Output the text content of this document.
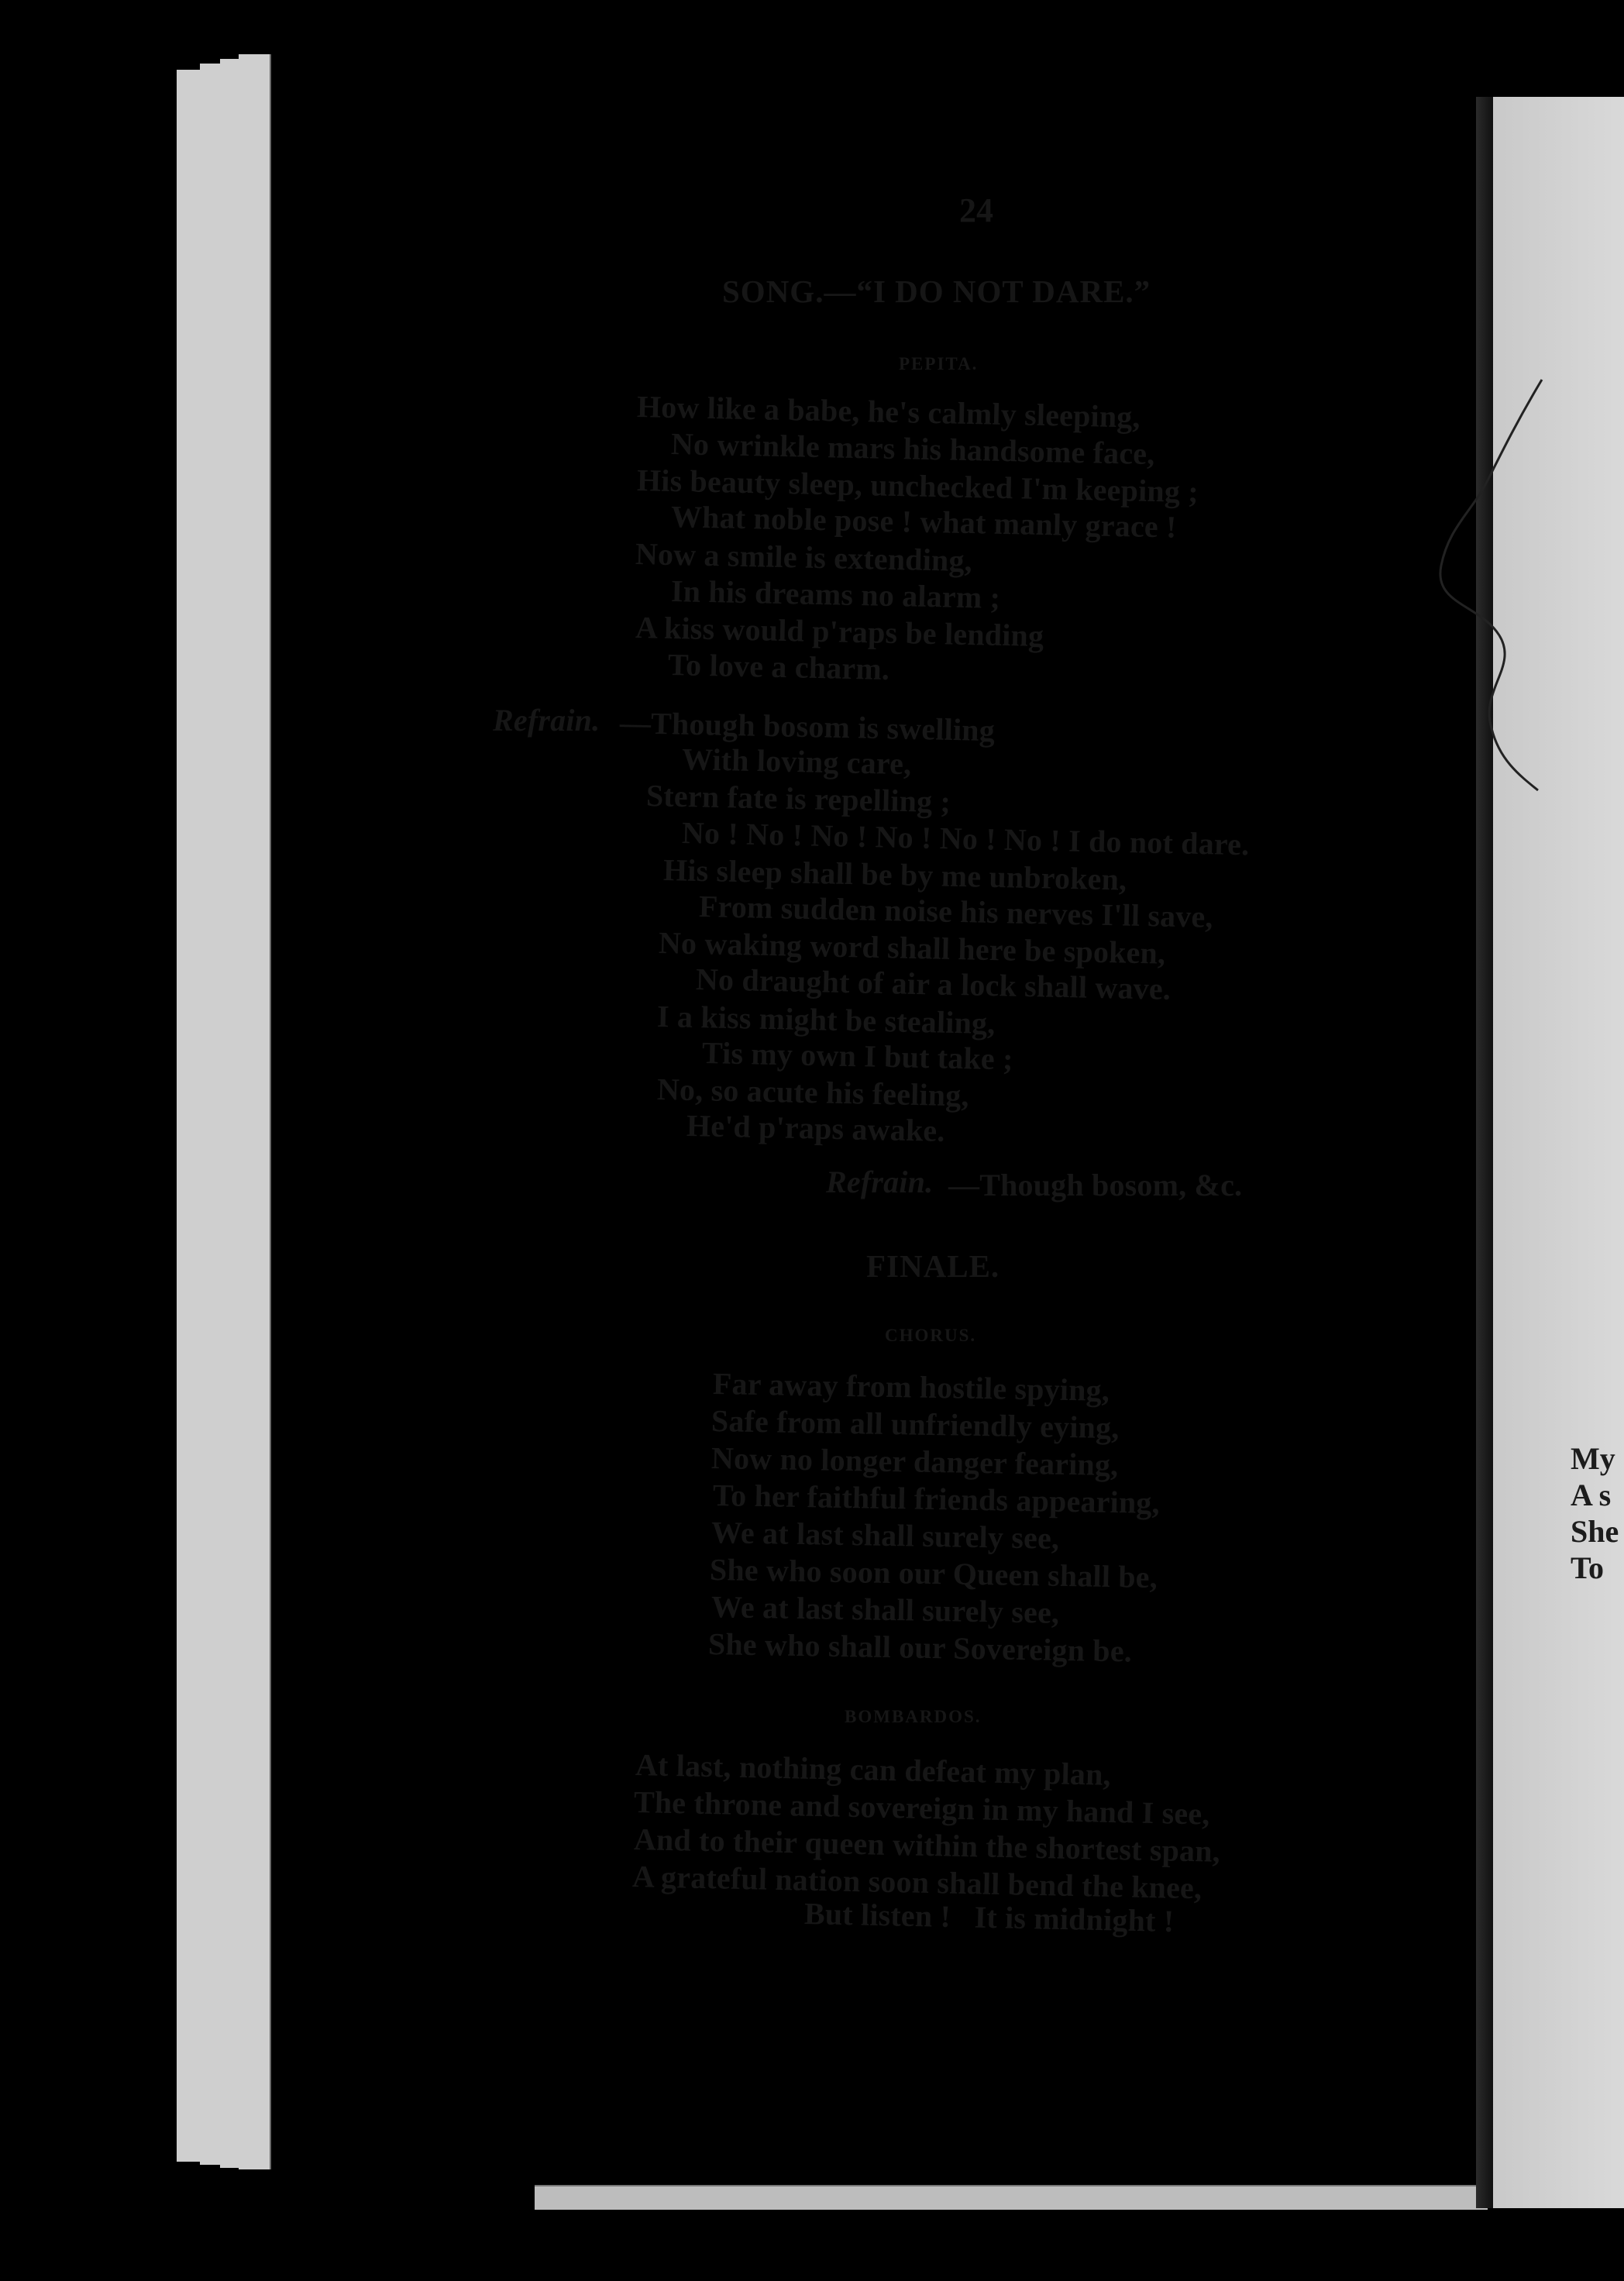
My
A s
She
To
24
SONG.—“I DO NOT DARE.”
PEPITA.
How like a babe, he's calmly sleeping,
No wrinkle mars his handsome face,
His beauty sleep, unchecked I'm keeping ;
What noble pose ! what manly grace !
Now a smile is extending,
In his dreams no alarm ;
A kiss would p'raps be lending
To love a charm.
Refrain. —Though bosom is swelling
With loving care,
Stern fate is repelling ;
No ! No ! No ! No ! No ! No ! I do not dare.
His sleep shall be by me unbroken,
From sudden noise his nerves I'll save,
No waking word shall here be spoken,
No draught of air a lock shall wave.
I a kiss might be stealing,
Tis my own I but take ;
No, so acute his feeling,
He'd p'raps awake.
Refrain. —Though bosom, &c.
FINALE.
CHORUS.
Far away from hostile spying,
Safe from all unfriendly eying,
Now no longer danger fearing,
To her faithful friends appearing,
We at last shall surely see,
She who soon our Queen shall be,
We at last shall surely see,
She who shall our Sovereign be.
BOMBARDOS.
At last, nothing can defeat my plan,
The throne and sovereign in my hand I see,
And to their queen within the shortest span,
A grateful nation soon shall bend the knee,
But listen !   It is midnight !
